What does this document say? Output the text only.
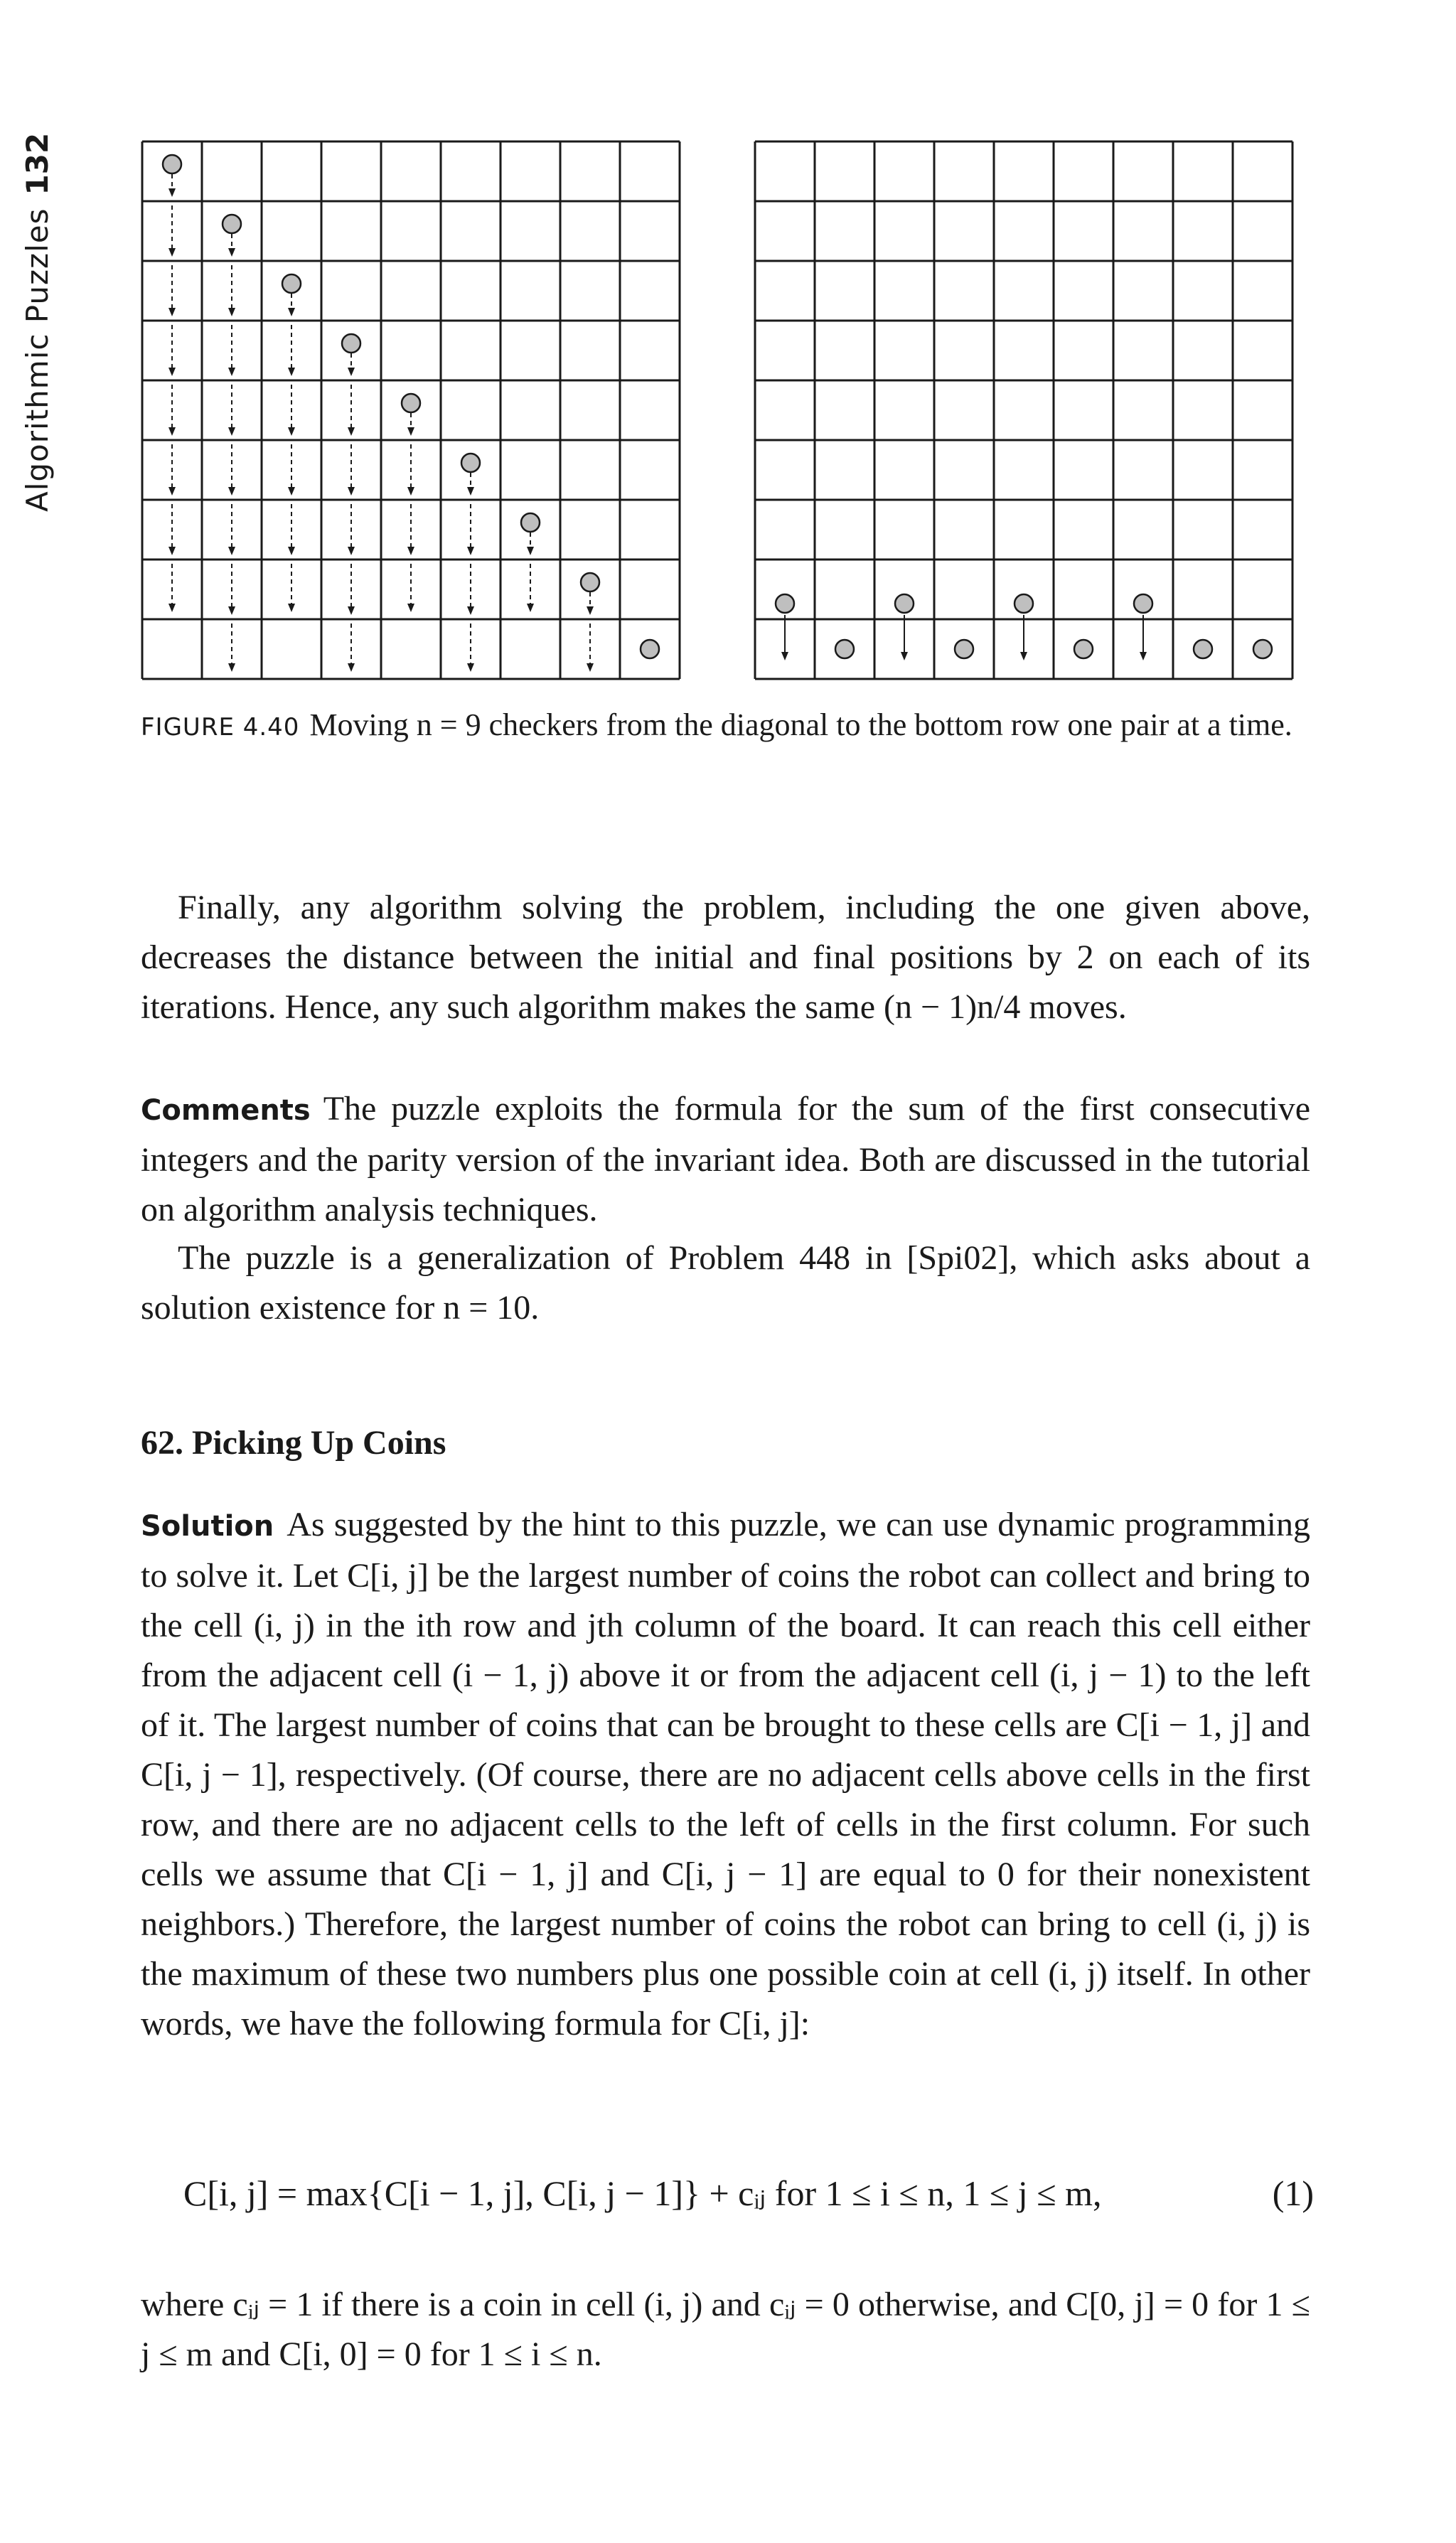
Algorithmic Puzzles132
FIGURE 4.40 Moving n = 9 checkers from the diagonal to the bottom row one pair at a time.
Finally, any algorithm solving the problem, including the one given above, decreases the distance between the initial and final positions by 2 on each of its iterations. Hence, any such algorithm makes the same (n − 1)n/4 moves.
Comments The puzzle exploits the formula for the sum of the first consecutive integers and the parity version of the invariant idea. Both are discussed in the tutorial on algorithm analysis techniques.
The puzzle is a generalization of Problem 448 in [Spi02], which asks about a solution existence for n = 10.
62. Picking Up Coins
Solution As suggested by the hint to this puzzle, we can use dynamic programming to solve it. Let C[i, j] be the largest number of coins the robot can collect and bring to the cell (i, j) in the ith row and jth column of the board. It can reach this cell either from the adjacent cell (i − 1, j) above it or from the adjacent cell (i, j − 1) to the left of it. The largest number of coins that can be brought to these cells are C[i − 1, j] and C[i, j − 1], respectively. (Of course, there are no adjacent cells above cells in the first row, and there are no adjacent cells to the left of cells in the first column. For such cells we assume that C[i − 1, j] and C[i, j − 1] are equal to 0 for their nonexistent neighbors.) Therefore, the largest number of coins the robot can bring to cell (i, j) is the maximum of these two numbers plus one possible coin at cell (i, j) itself. In other words, we have the following formula for C[i, j]:
C[i, j] = max{C[i − 1, j], C[i, j − 1]} + cᵢⱼ for 1 ≤ i ≤ n, 1 ≤ j ≤ m,	(1)
where cᵢⱼ = 1 if there is a coin in cell (i, j) and cᵢⱼ = 0 otherwise, and C[0, j] = 0 for 1 ≤ j ≤ m and C[i, 0] = 0 for 1 ≤ i ≤ n.
